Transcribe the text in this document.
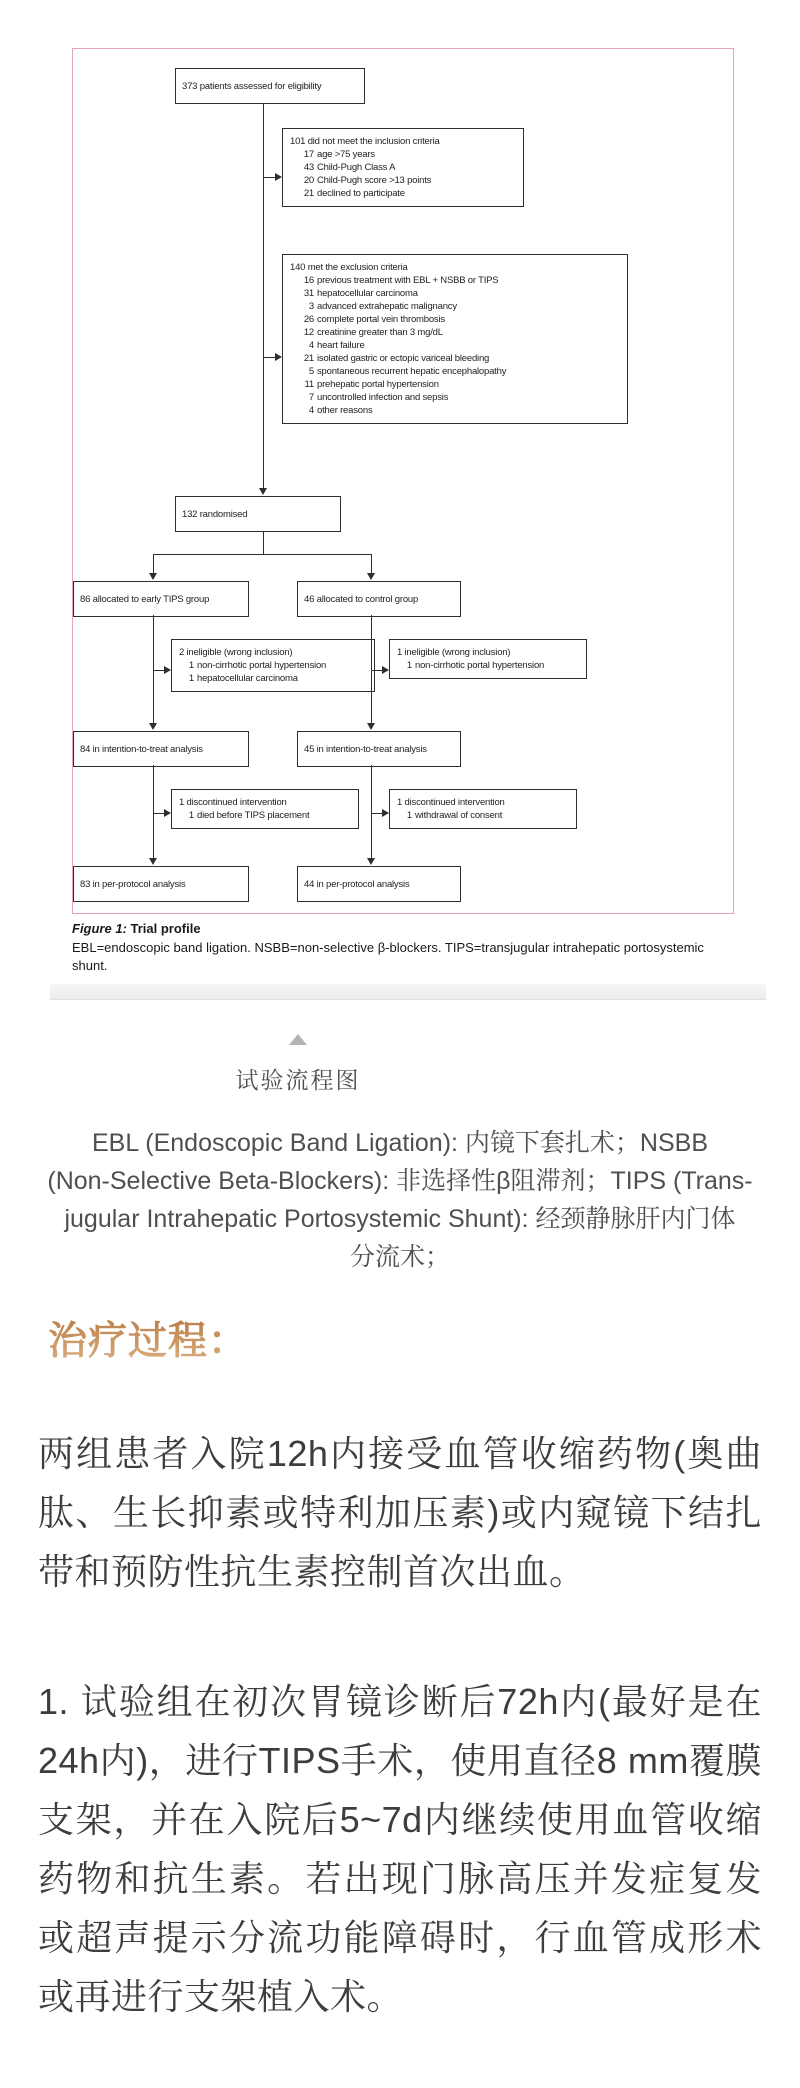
373 patients assessed for eligibility
101 did not meet the inclusion criteria
17 age >75 years
43 Child-Pugh Class A
20 Child-Pugh score >13 points
21 declined to participate
140 met the exclusion criteria
16 previous treatment with EBL + NSBB or TIPS
31 hepatocellular carcinoma
3 advanced extrahepatic malignancy
26 complete portal vein thrombosis
12 creatinine greater than 3 mg/dL
4 heart failure
21 isolated gastric or ectopic variceal bleeding
5 spontaneous recurrent hepatic encephalopathy
11 prehepatic portal hypertension
7 uncontrolled infection and sepsis
4 other reasons
132 randomised
86 allocated to early TIPS group	46 allocated to control group
2 ineligible (wrong inclusion)
1 non-cirrhotic portal hypertension
1 hepatocellular carcinoma
1 ineligible (wrong inclusion)
1 non-cirrhotic portal hypertension
84 in intention-to-treat analysis	45 in intention-to-treat analysis
1 discontinued intervention
1 died before TIPS placement
1 discontinued intervention
1 withdrawal of consent
83 in per-protocol analysis	44 in per-protocol analysis
Figure 1: Trial profile
EBL=endoscopic band ligation. NSBB=non-selective β-blockers. TIPS=transjugular intrahepatic portosystemic shunt.
试验流程图
EBL (Endoscopic Band Ligation): 内镜下套扎术；NSBB
(Non-Selective Beta-Blockers): 非选择性β阻滞剂；TIPS (Trans-
jugular Intrahepatic Portosystemic Shunt): 经颈静脉肝内门体
分流术；
治疗过程：
两组患者入院12h内接受血管收缩药物(奥曲肽、生长抑素或特利加压素)或内窥镜下结扎带和预防性抗生素控制首次出血。
1. 试验组在初次胃镜诊断后72h内(最好是在24h内)，进行TIPS手术，使用直径8 mm覆膜支架，并在入院后5~7d内继续使用血管收缩药物和抗生素。若出现门脉高压并发症复发或超声提示分流功能障碍时，行血管成形术或再进行支架植入术。
